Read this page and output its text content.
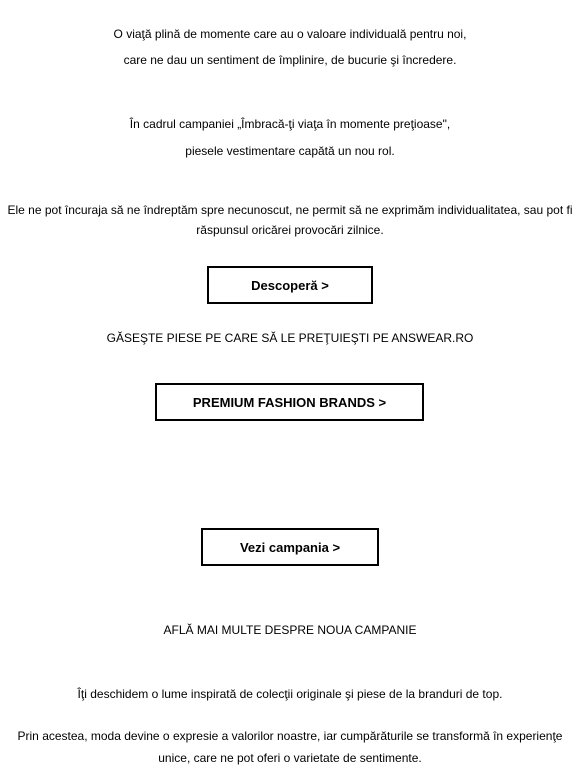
O viaţă plină de momente care au o valoare individuală pentru noi,
care ne dau un sentiment de împlinire, de bucurie şi încredere.
În cadrul campaniei „Îmbracă-ţi viaţa în momente preţioase",
piesele vestimentare capătă un nou rol.
Ele ne pot încuraja să ne îndreptăm spre necunoscut, ne permit să ne exprimăm individualitatea, sau pot fi
răspunsul oricărei provocări zilnice.
Descoperă >
GĂSEŞTE PIESE PE CARE SĂ LE PREŢUIEŞTI PE ANSWEAR.RO
PREMIUM FASHION BRANDS >
Vezi campania >
AFLĂ MAI MULTE DESPRE NOUA CAMPANIE
Îţi deschidem o lume inspirată de colecţii originale şi piese de la branduri de top.
Prin acestea, moda devine o expresie a valorilor noastre, iar cumpărăturile se transformă în experienţe
unice, care ne pot oferi o varietate de sentimente.
